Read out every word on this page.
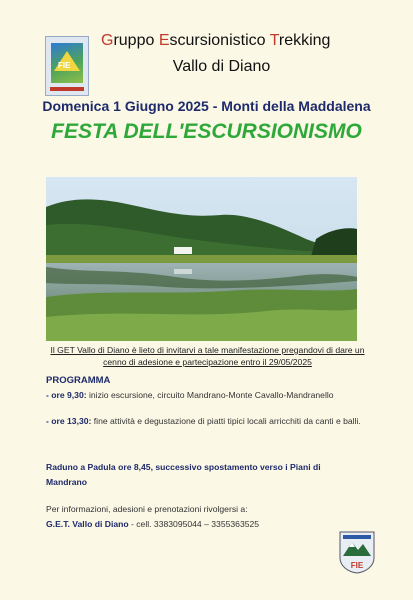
FIE
Gruppo Escursionistico Trekking
Vallo di Diano
Domenica 1 Giugno 2025 - Monti della Maddalena
FESTA DELL'ESCURSIONISMO
Il GET Vallo di Diano è lieto di invitarvi a tale manifestazione pregandovi di dare un cenno di adesione e partecipazione entro il 29/05/2025
PROGRAMMA
- ore 9,30: inizio escursione, circuito Mandrano-Monte Cavallo-Mandranello
- ore 13,30: fine attività e degustazione di piatti tipici locali arricchiti da canti e balli.
Raduno a Padula ore 8,45, successivo spostamento verso i Piani di Mandrano
Per informazioni, adesioni e prenotazioni rivolgersi a:
G.E.T. Vallo di Diano - cell. 3383095044 – 3355363525
FIE
